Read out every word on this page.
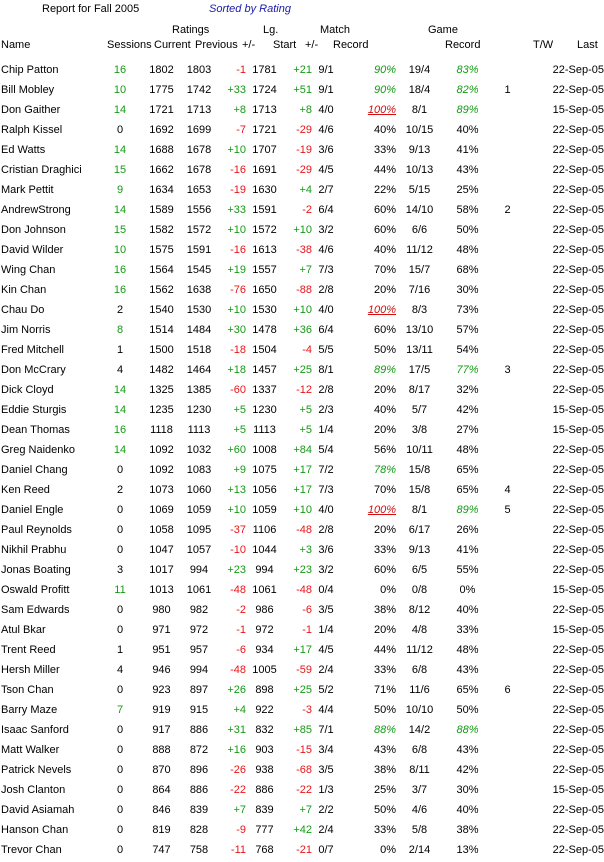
Report for Fall 2005	Sorted by Rating
Ratings	Lg.	Match	Game
Name	Sessions Current Previous +/- Start +/- Record	Record	T/W Last
Chip Patton	16	1802	1803	-1	1781	+21	9/1	90%	19/4	83%		22-Sep-05
Bill Mobley	10	1775	1742	+33	1724	+51	9/1	90%	18/4	82%	1	22-Sep-05
Don Gaither	14	1721	1713	+8	1713	+8	4/0	100%	8/1	89%		15-Sep-05
Ralph Kissel	0	1692	1699	-7	1721	-29	4/6	40%	10/15	40%		22-Sep-05
Ed Watts	14	1688	1678	+10	1707	-19	3/6	33%	9/13	41%		22-Sep-05
Cristian Draghici	15	1662	1678	-16	1691	-29	4/5	44%	10/13	43%		22-Sep-05
Mark Pettit	9	1634	1653	-19	1630	+4	2/7	22%	5/15	25%		22-Sep-05
AndrewStrong	14	1589	1556	+33	1591	-2	6/4	60%	14/10	58%	2	22-Sep-05
Don Johnson	15	1582	1572	+10	1572	+10	3/2	60%	6/6	50%		22-Sep-05
David Wilder	10	1575	1591	-16	1613	-38	4/6	40%	11/12	48%		22-Sep-05
Wing Chan	16	1564	1545	+19	1557	+7	7/3	70%	15/7	68%		22-Sep-05
Kin Chan	16	1562	1638	-76	1650	-88	2/8	20%	7/16	30%		22-Sep-05
Chau Do	2	1540	1530	+10	1530	+10	4/0	100%	8/3	73%		22-Sep-05
Jim Norris	8	1514	1484	+30	1478	+36	6/4	60%	13/10	57%		22-Sep-05
Fred Mitchell	1	1500	1518	-18	1504	-4	5/5	50%	13/11	54%		22-Sep-05
Don McCrary	4	1482	1464	+18	1457	+25	8/1	89%	17/5	77%	3	22-Sep-05
Dick Cloyd	14	1325	1385	-60	1337	-12	2/8	20%	8/17	32%		22-Sep-05
Eddie Sturgis	14	1235	1230	+5	1230	+5	2/3	40%	5/7	42%		15-Sep-05
Dean Thomas	16	1118	1113	+5	1113	+5	1/4	20%	3/8	27%		15-Sep-05
Greg Naidenko	14	1092	1032	+60	1008	+84	5/4	56%	10/11	48%		22-Sep-05
Daniel Chang	0	1092	1083	+9	1075	+17	7/2	78%	15/8	65%		22-Sep-05
Ken Reed	2	1073	1060	+13	1056	+17	7/3	70%	15/8	65%	4	22-Sep-05
Daniel Engle	0	1069	1059	+10	1059	+10	4/0	100%	8/1	89%	5	22-Sep-05
Paul Reynolds	0	1058	1095	-37	1106	-48	2/8	20%	6/17	26%		22-Sep-05
Nikhil Prabhu	0	1047	1057	-10	1044	+3	3/6	33%	9/13	41%		22-Sep-05
Jonas Boating	3	1017	994	+23	994	+23	3/2	60%	6/5	55%		22-Sep-05
Oswald Profitt	11	1013	1061	-48	1061	-48	0/4	0%	0/8	0%		15-Sep-05
Sam Edwards	0	980	982	-2	986	-6	3/5	38%	8/12	40%		22-Sep-05
Atul Bkar	0	971	972	-1	972	-1	1/4	20%	4/8	33%		15-Sep-05
Trent Reed	1	951	957	-6	934	+17	4/5	44%	11/12	48%		22-Sep-05
Hersh Miller	4	946	994	-48	1005	-59	2/4	33%	6/8	43%		22-Sep-05
Tson Chan	0	923	897	+26	898	+25	5/2	71%	11/6	65%	6	22-Sep-05
Barry Maze	7	919	915	+4	922	-3	4/4	50%	10/10	50%		22-Sep-05
Isaac Sanford	0	917	886	+31	832	+85	7/1	88%	14/2	88%		22-Sep-05
Matt Walker	0	888	872	+16	903	-15	3/4	43%	6/8	43%		22-Sep-05
Patrick Nevels	0	870	896	-26	938	-68	3/5	38%	8/11	42%		22-Sep-05
Josh Clanton	0	864	886	-22	886	-22	1/3	25%	3/7	30%		15-Sep-05
David Asiamah	0	846	839	+7	839	+7	2/2	50%	4/6	40%		22-Sep-05
Hanson Chan	0	819	828	-9	777	+42	2/4	33%	5/8	38%		22-Sep-05
Trevor Chan	0	747	758	-11	768	-21	0/7	0%	2/14	13%		22-Sep-05
